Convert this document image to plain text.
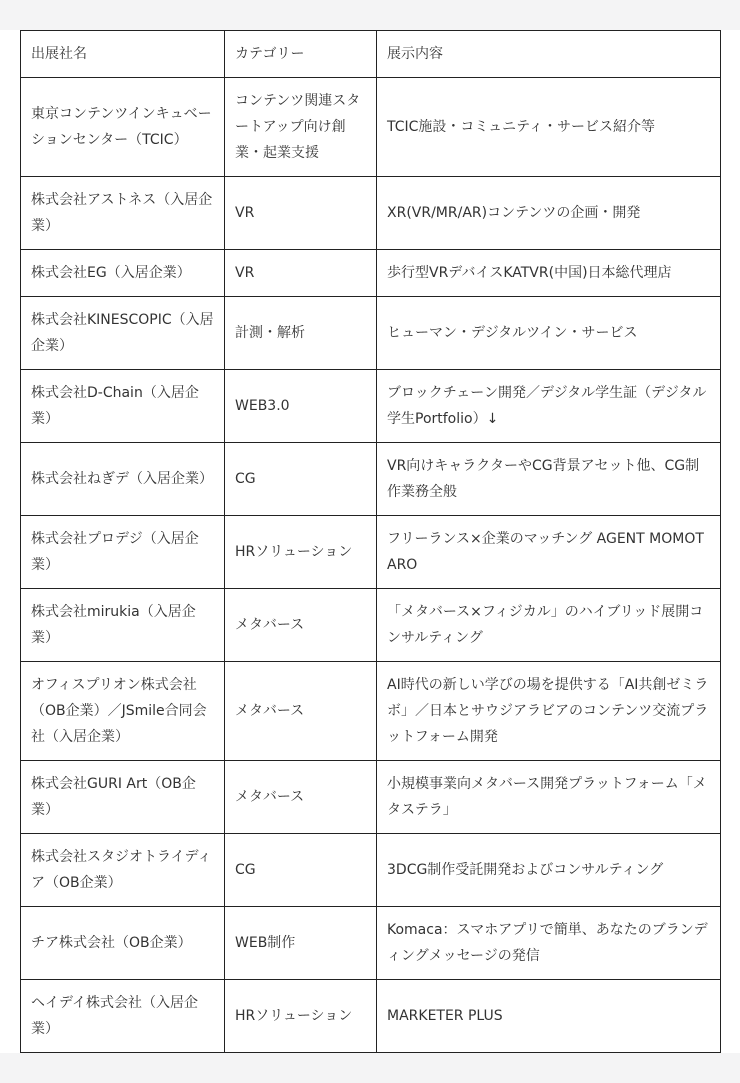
出展社名	カテゴリー	展示内容
東京コンテンツインキュベーションセンター（TCIC）	コンテンツ関連スタートアップ向け創業・起業支援	TCIC施設・コミュニティ・サービス紹介等
株式会社アストネス（入居企業）	VR	XR(VR/MR/AR)コンテンツの企画・開発
株式会社EG（入居企業）	VR	歩行型VRデバイスKATVR(中国)日本総代理店
株式会社KINESCOPIC（入居企業）	計測・解析	ヒューマン・デジタルツイン・サービス
株式会社D-Chain（入居企業）	WEB3.0	ブロックチェーン開発／デジタル学生証（デジタル学生Portfolio）↓
株式会社ねぎデ（入居企業）	CG	VR向けキャラクターやCG背景アセット他、CG制作業務全般
株式会社プロデジ（入居企業）	HRソリューション	フリーランス×企業のマッチング AGENT MOMOTARO
株式会社mirukia（入居企業）	メタバース	「メタバース×フィジカル」のハイブリッド展開コンサルティング
オフィスプリオン株式会社（OB企業）／JSmile合同会社（入居企業）	メタバース	AI時代の新しい学びの場を提供する「AI共創ゼミラボ」／日本とサウジアラビアのコンテンツ交流プラットフォーム開発
株式会社GURI Art（OB企業）	メタバース	小規模事業向メタバース開発プラットフォーム「メタステラ」
株式会社スタジオトライディア（OB企業）	CG	3DCG制作受託開発およびコンサルティング
チア株式会社（OB企業）	WEB制作	Komaca：スマホアプリで簡単、あなたのブランディングメッセージの発信
ヘイデイ株式会社（入居企業）	HRソリューション	MARKETER PLUS
